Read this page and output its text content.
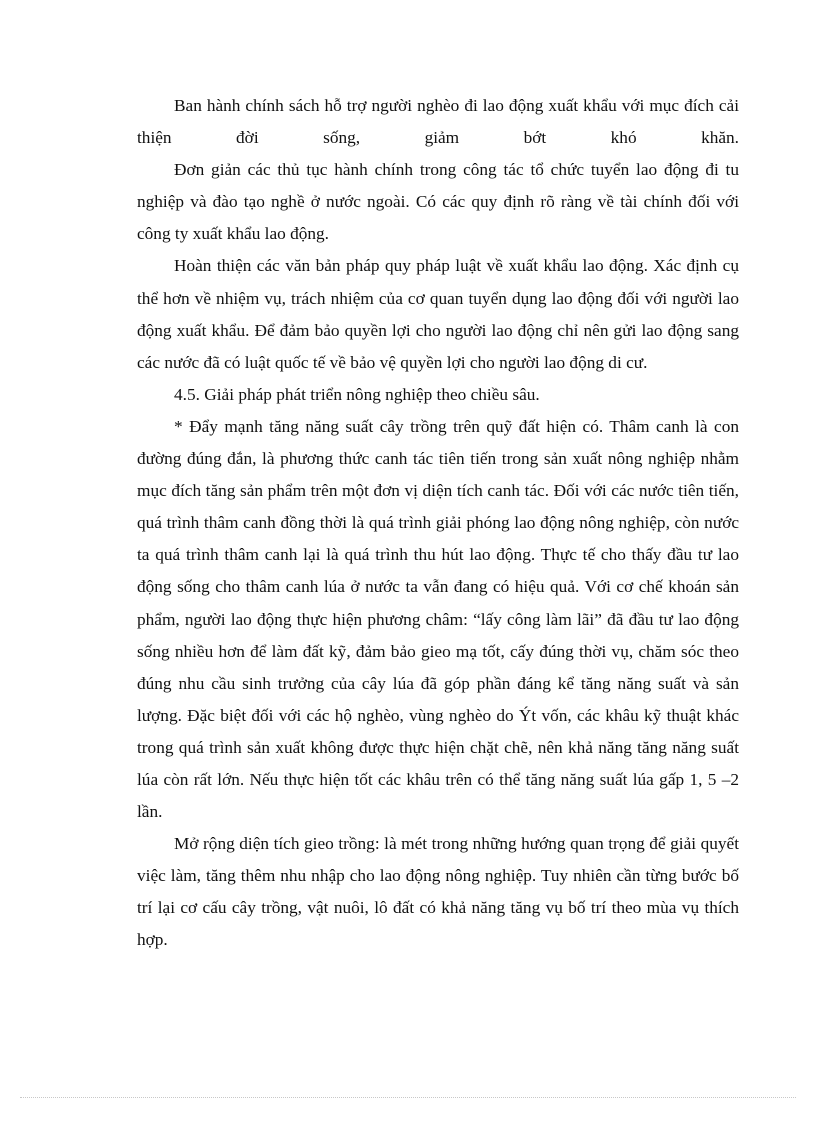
Ban hành chính sách hỗ trợ người nghèo đi lao động xuất khẩu với mục đích cải thiện đời sống, giảm bớt khó khăn.

Đơn giản các thủ tục hành chính trong công tác tổ chức tuyển lao động đi tu nghiệp và đào tạo nghề ở nước ngoài. Có các quy định rõ ràng về tài chính đối với công ty xuất khẩu lao động.

Hoàn thiện các văn bản pháp quy pháp luật về xuất khẩu lao động. Xác định cụ thể hơn về nhiệm vụ, trách nhiệm của cơ quan tuyển dụng lao động đối với người lao động xuất khẩu. Để đảm bảo quyền lợi cho người lao động chỉ nên gửi lao động sang các nước đã có luật quốc tế về bảo vệ quyền lợi cho người lao động di cư.

4.5. Giải pháp phát triển nông nghiệp theo chiều sâu.

* Đẩy mạnh tăng năng suất cây trồng trên quỹ đất hiện có. Thâm canh là con đường đúng đắn, là phương thức canh tác tiên tiến trong sản xuất nông nghiệp nhằm mục đích tăng sản phẩm trên một đơn vị diện tích canh tác. Đối với các nước tiên tiến, quá trình thâm canh đồng thời là quá trình giải phóng lao động nông nghiệp, còn nước ta quá trình thâm canh lại là quá trình thu hút lao động. Thực tế cho thấy đầu tư lao động sống cho thâm canh lúa ở nước ta vẫn đang có hiệu quả. Với cơ chế khoán sản phẩm, người lao động thực hiện phương châm: “lấy công làm lãi” đã đầu tư lao động sống nhiều hơn để làm đất kỹ, đảm bảo gieo mạ tốt, cấy đúng thời vụ, chăm sóc theo đúng nhu cầu sinh trưởng của cây lúa đã góp phần đáng kể tăng năng suất và sản lượng. Đặc biệt đối với các hộ nghèo, vùng nghèo do Ýt vốn, các khâu kỹ thuật khác trong quá trình sản xuất không được thực hiện chặt chẽ, nên khả năng tăng năng suất lúa còn rất lớn. Nếu thực hiện tốt các khâu trên có thể tăng năng suất lúa gấp 1, 5 –2 lần.

Mở rộng diện tích gieo trồng: là mét trong những hướng quan trọng để giải quyết việc làm, tăng thêm nhu nhập cho lao động nông nghiệp. Tuy nhiên cần từng bước bố trí lại cơ cấu cây trồng, vật nuôi, lô đất có khả năng tăng vụ bố trí theo mùa vụ thích hợp.
